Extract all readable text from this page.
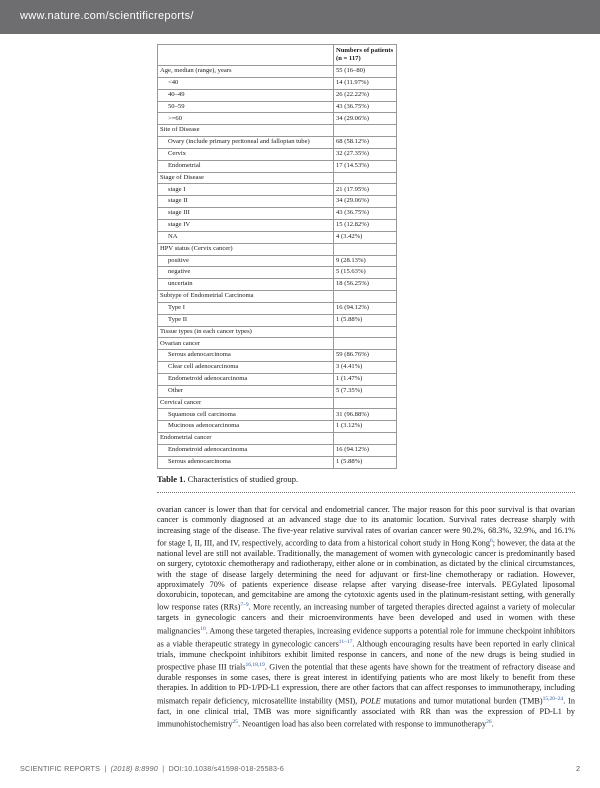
www.nature.com/scientificreports/
	Numbers of patients (n = 117)
Age, median (range), years	55 (16–80)
<40	14 (11.97%)
40–49	26 (22.22%)
50–59	43 (36.75%)
>=60	34 (29.06%)
Site of Disease	
Ovary (include primary peritoneal and fallopian tube)	68 (58.12%)
Cervix	32 (27.35%)
Endometrial	17 (14.53%)
Stage of Disease	
stage I	21 (17.95%)
stage II	34 (29.06%)
stage III	43 (36.75%)
stage IV	15 (12.82%)
NA	4 (3.42%)
HPV status (Cervix cancer)	
positive	9 (28.13%)
negative	5 (15.63%)
uncertain	18 (56.25%)
Subtype of Endometrial Carcinoma	
Type I	16 (94.12%)
Type II	1 (5.88%)
Tissue types (in each cancer types)	
Ovarian cancer	
Serous adenocarcinoma	59 (86.76%)
Clear cell adenocarcinoma	3 (4.41%)
Endometroid adenocarcinoma	1 (1.47%)
Other	5 (7.35%)
Cervical cancer	
Squamous cell carcinoma	31 (96.88%)
Mucinous adenocarcinoma	1 (3.12%)
Endometrial cancer	
Endometroid adenocarcinoma	16 (94.12%)
Serous adenocarcinoma	1 (5.88%)
Table 1. Characteristics of studied group.

ovarian cancer is lower than that for cervical and endometrial cancer. The major reason for this poor survival is that ovarian cancer is commonly diagnosed at an advanced stage due to its anatomic location. Survival rates decrease sharply with increasing stage of the disease. The five-year relative survival rates of ovarian cancer were 90.2%, 68.3%, 32.9%, and 16.1% for stage I, II, III, and IV, respectively, according to data from a historical cohort study in Hong Kong$^6$; however, the data at the national level are still not available. Traditionally, the management of women with gynecologic cancer is predominantly based on surgery, cytotoxic chemotherapy and radiotherapy, either alone or in combination, as dictated by the clinical circumstances, with the stage of disease largely determining the need for adjuvant or first-line chemotherapy or radiation. However, approximately 70% of patients experience disease relapse after varying disease-free intervals. PEGylated liposomal doxorubicin, topotecan, and gemcitabine are among the cytotoxic agents used in the platinum-resistant setting, with generally low response rates (RRs)$^{7-9}$. More recently, an increasing number of targeted therapies directed against a variety of molecular targets in gynecologic cancers and their microenvironments have been developed and used in women with these malignancies$^{10}$. Among these targeted therapies, increasing evidence supports a potential role for immune checkpoint inhibitors as a viable therapeutic strategy in gynecologic cancers$^{11-17}$. Although encouraging results have been reported in early clinical trials, immune checkpoint inhibitors exhibit limited response in cancers, and none of the new drugs is being studied in prospective phase III trials$^{16,18,19}$. Given the potential that these agents have shown for the treatment of refractory disease and durable responses in some cases, there is great interest in identifying patients who are most likely to benefit from these therapies. In addition to PD-1/PD-L1 expression, there are other factors that can affect responses to immunotherapy, including mismatch repair deficiency, microsatellite instability (MSI), POLE mutations and tumor mutational burden (TMB)$^{15,20-24}$. In fact, in one clinical trial, TMB was more significantly associated with RR than was the expression of PD-L1 by immunohistochemistry$^{25}$. Neoantigen load has also been correlated with response to immunotherapy$^{26}$.

SCIENTIFIC REPORTS | (2018) 8:8990 | DOI:10.1038/s41598-018-25583-6	2
